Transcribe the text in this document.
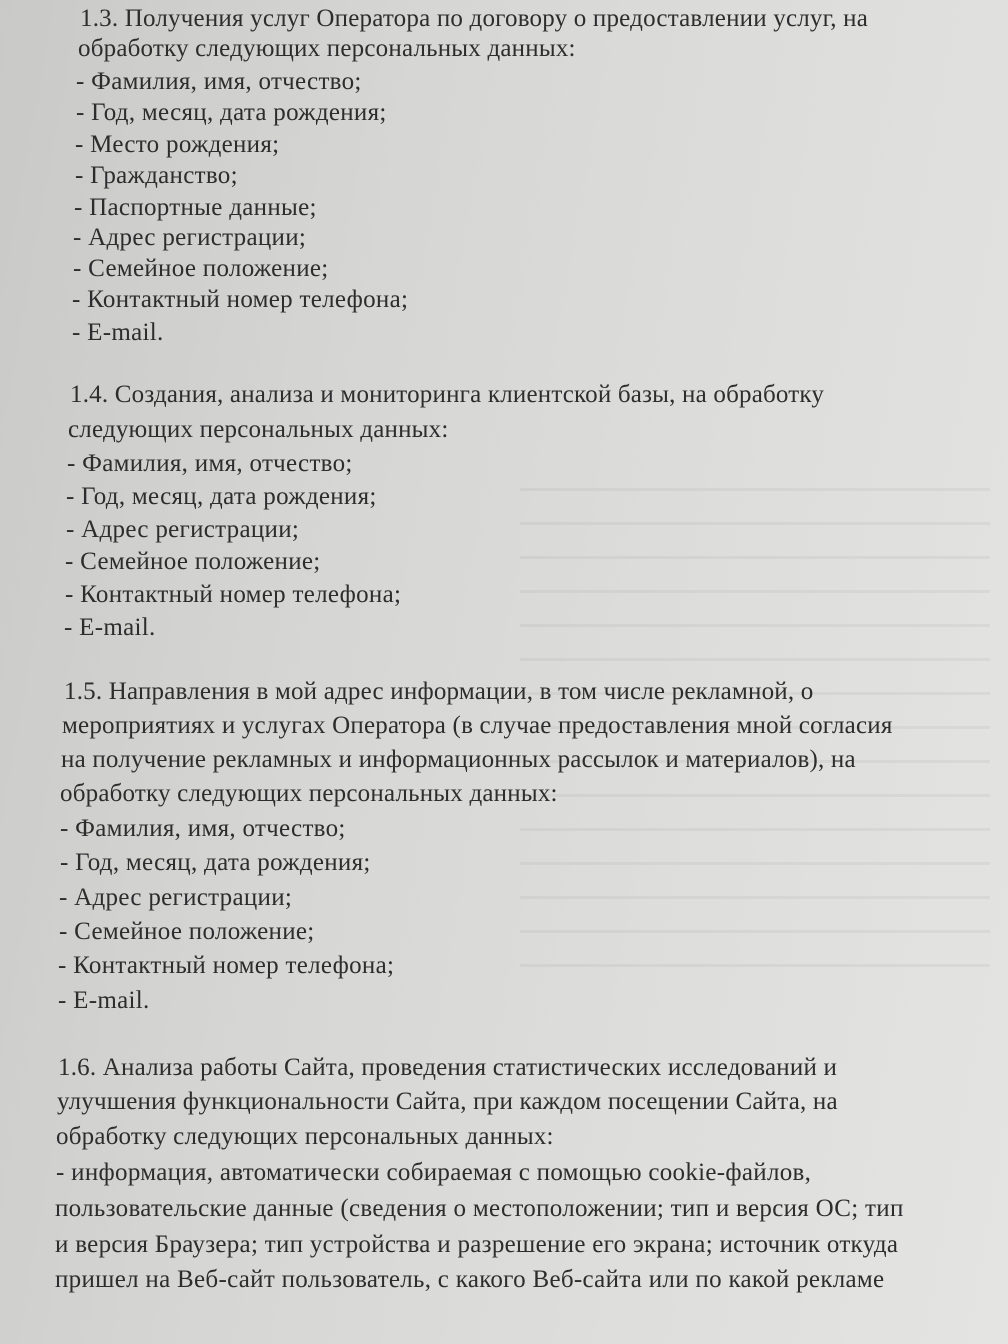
1.3. Получения услуг Оператора по договору о предоставлении услуг, на
обработку следующих персональных данных:
- Фамилия, имя, отчество;
- Год, месяц, дата рождения;
- Место рождения;
- Гражданство;
- Паспортные данные;
- Адрес регистрации;
- Семейное положение;
- Контактный номер телефона;
- E-mail.
1.4. Создания, анализа и мониторинга клиентской базы, на обработку
следующих персональных данных:
- Фамилия, имя, отчество;
- Год, месяц, дата рождения;
- Адрес регистрации;
- Семейное положение;
- Контактный номер телефона;
- E-mail.
1.5. Направления в мой адрес информации, в том числе рекламной, о
мероприятиях и услугах Оператора (в случае предоставления мной согласия
на получение рекламных и информационных рассылок и материалов), на
обработку следующих персональных данных:
- Фамилия, имя, отчество;
- Год, месяц, дата рождения;
- Адрес регистрации;
- Семейное положение;
- Контактный номер телефона;
- E-mail.
1.6. Анализа работы Сайта, проведения статистических исследований и
улучшения функциональности Сайта, при каждом посещении Сайта, на
обработку следующих персональных данных:
- информация, автоматически собираемая с помощью cookie-файлов,
пользовательские данные (сведения о местоположении; тип и версия ОС; тип
и версия Браузера; тип устройства и разрешение его экрана; источник откуда
пришел на Веб-сайт пользователь, с какого Веб-сайта или по какой рекламе
